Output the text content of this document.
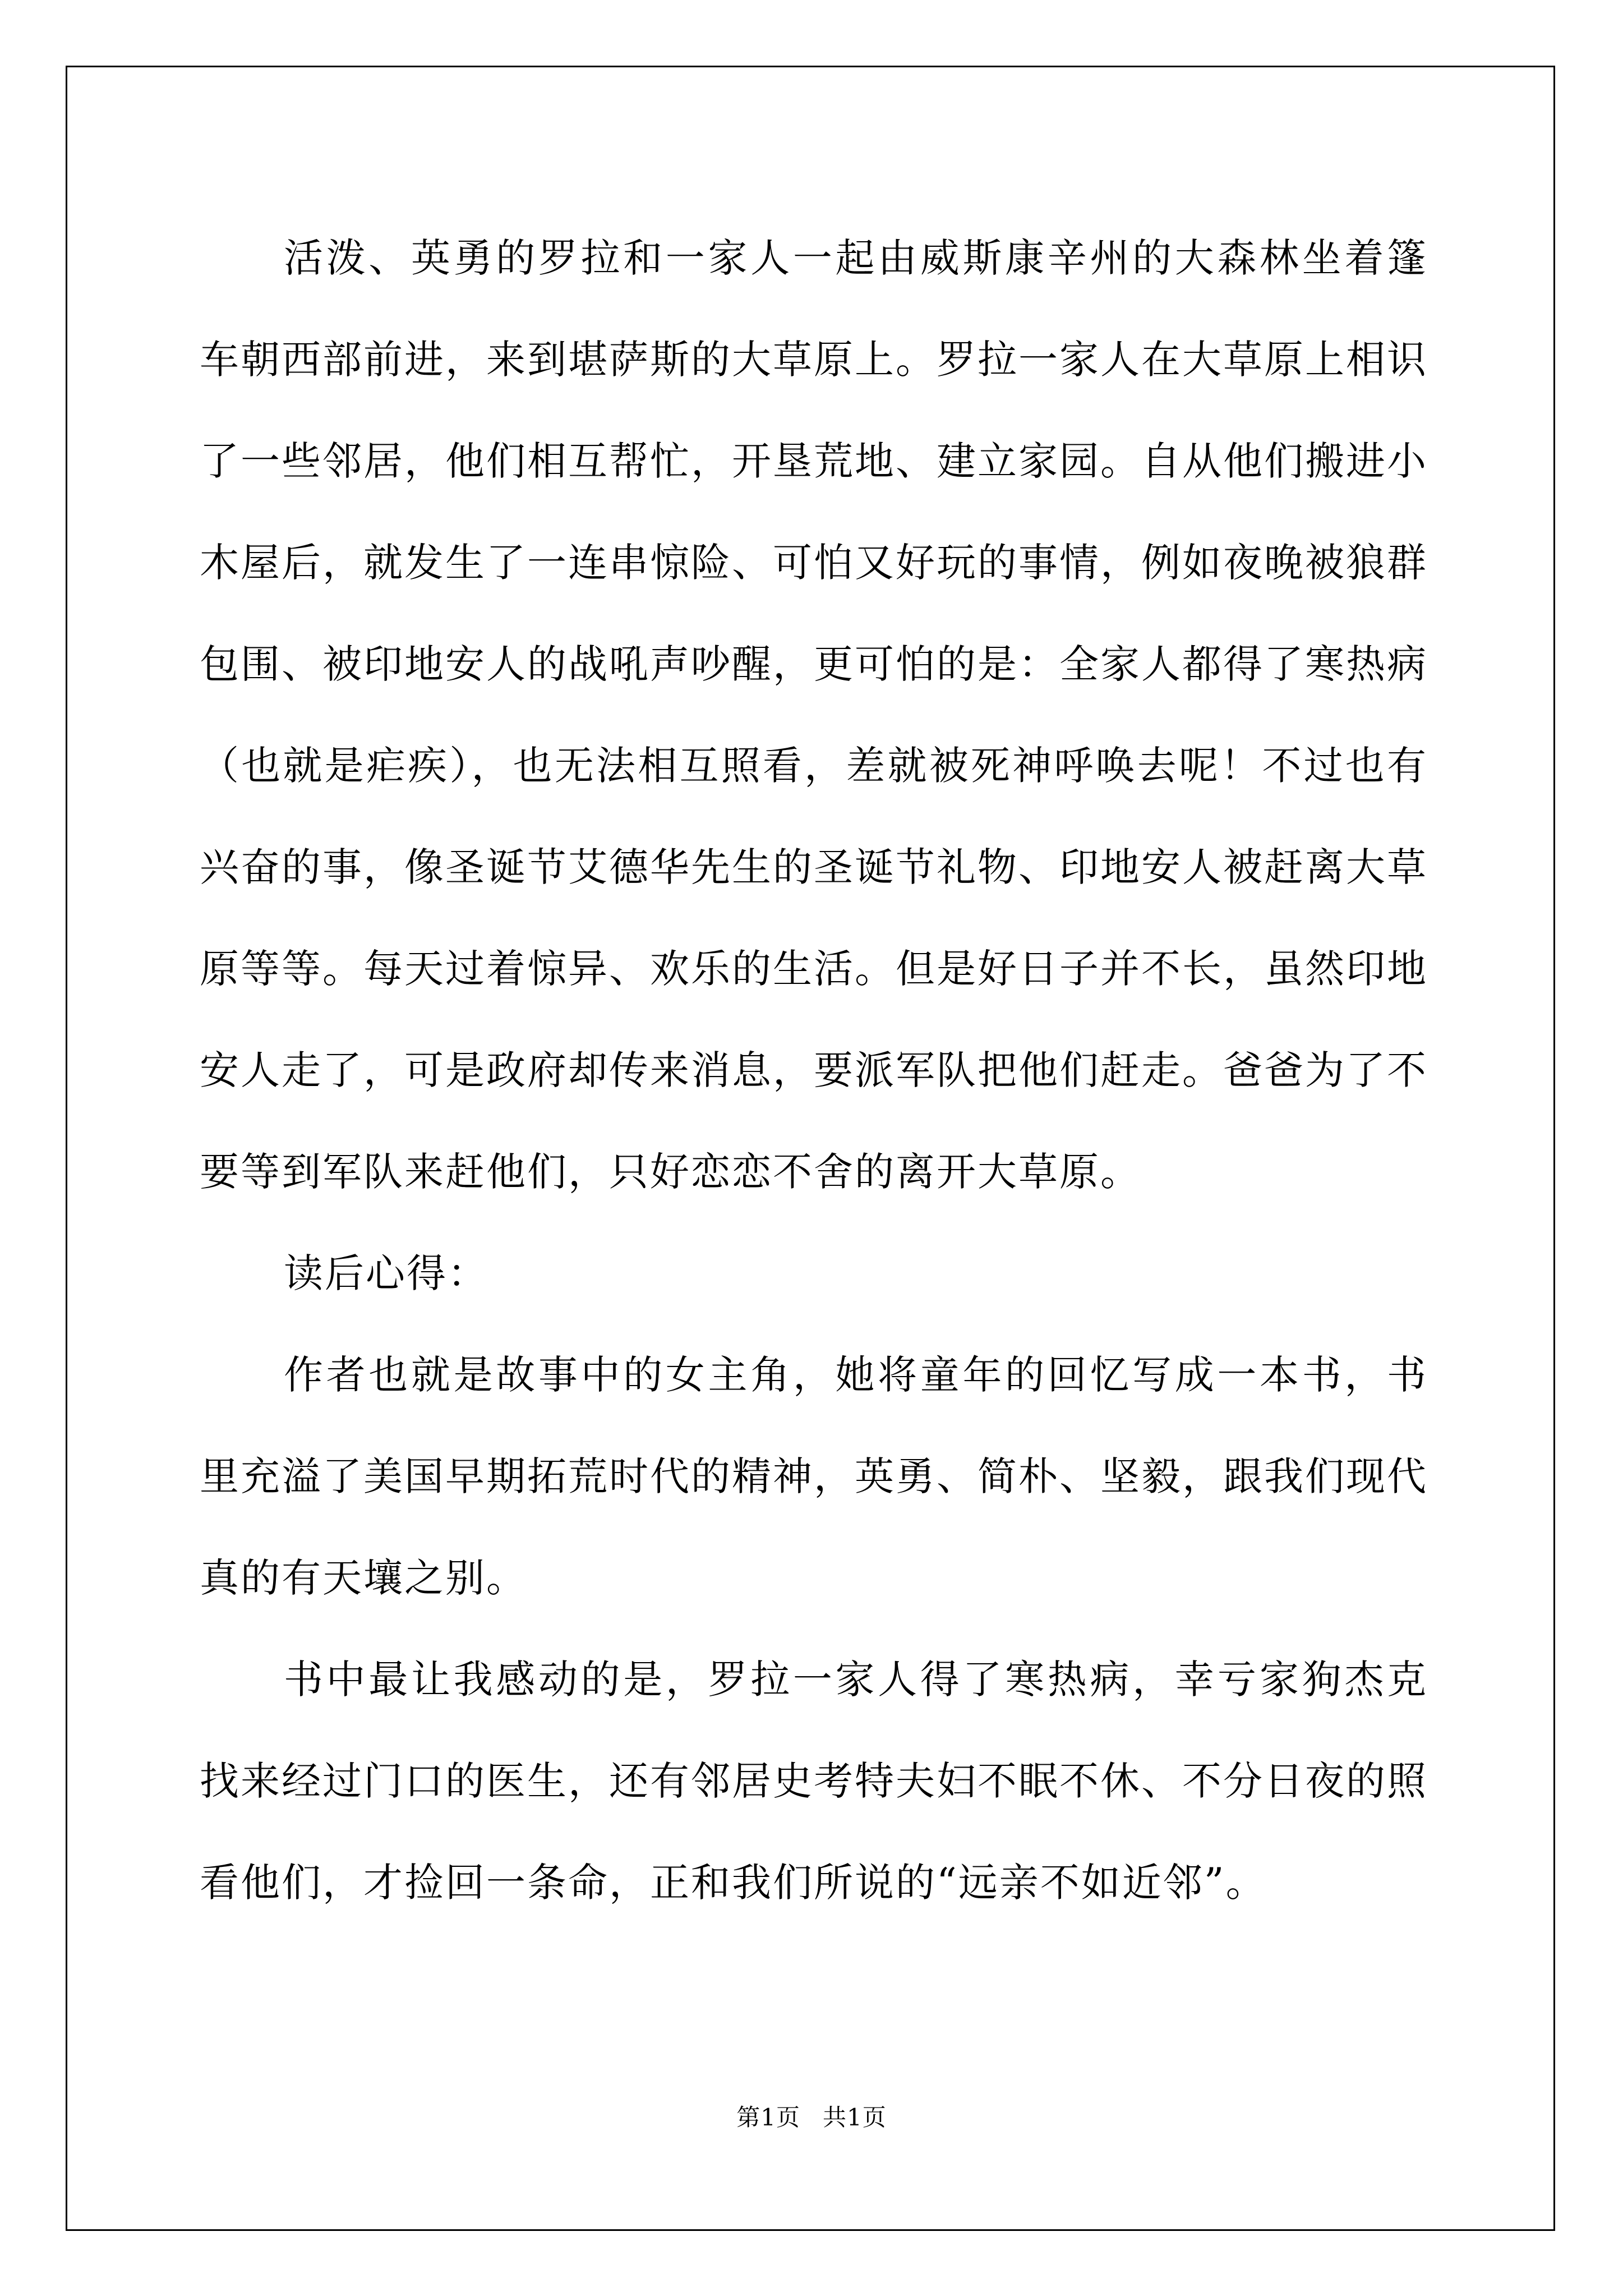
活泼、英勇的罗拉和一家人一起由威斯康辛州的大森林坐着篷车朝西部前进，来到堪萨斯的大草原上。罗拉一家人在大草原上相识了一些邻居，他们相互帮忙，开垦荒地、建立家园。自从他们搬进小木屋后，就发生了一连串惊险、可怕又好玩的事情，例如夜晚被狼群包围、被印地安人的战吼声吵醒，更可怕的是：全家人都得了寒热病（也就是疟疾），也无法相互照看，差就被死神呼唤去呢！不过也有兴奋的事，像圣诞节艾德华先生的圣诞节礼物、印地安人被赶离大草原等等。每天过着惊异、欢乐的生活。但是好日子并不长，虽然印地安人走了，可是政府却传来消息，要派军队把他们赶走。爸爸为了不要等到军队来赶他们，只好恋恋不舍的离开大草原。

读后心得：

作者也就是故事中的女主角，她将童年的回忆写成一本书，书里充溢了美国早期拓荒时代的精神，英勇、简朴、坚毅，跟我们现代真的有天壤之别。

书中最让我感动的是，罗拉一家人得了寒热病，幸亏家狗杰克找来经过门口的医生，还有邻居史考特夫妇不眠不休、不分日夜的照看他们，才捡回一条命，正和我们所说的“远亲不如近邻”。

第1页 共1页
